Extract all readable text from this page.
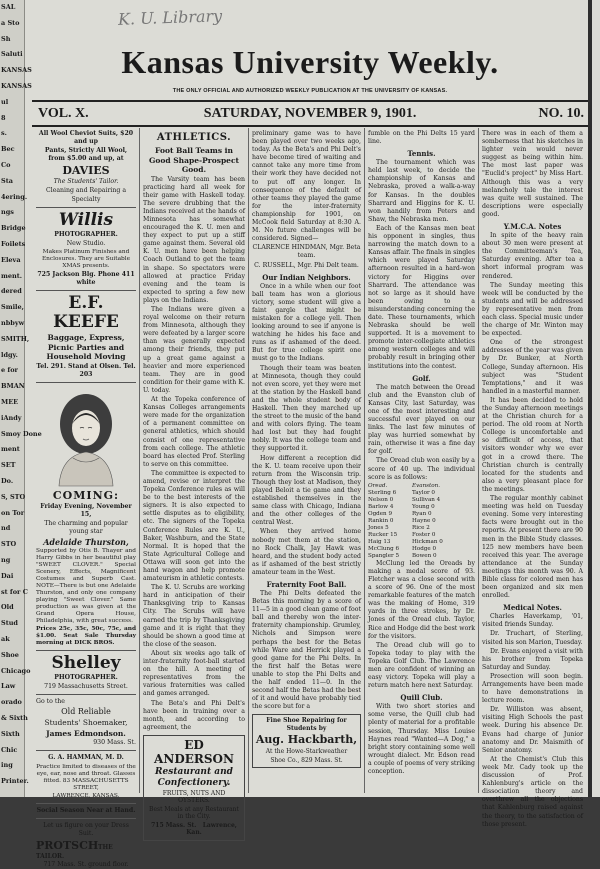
SAL
a Sto
Sh
Saluti
KANSAS
KANSAS
ul
8
s.
Bec
Co
Sta
4ering.
ngs
Bridge
Foilets
Eleva
ment.
dered
Smile,
nbbyw
SMITH,
ldgy.
e for
BMAN
MEE
iAndy
Smoy Done
ment
SET
Do.
S, STO
on Tor
nd
STO
ng
Dai
st for C
Old
Stud
ak
Shoe
Chicago
Law
orado
& Sixth
Sixth
Chic
ing
Printer.
K. U. Library
Kansas University Weekly.
THE ONLY OFFICIAL AND AUTHORIZED WEEKLY PUBLICATION AT THE UNIVERSITY OF KANSAS.
VOL. X.	SATURDAY, NOVEMBER 9, 1901.	NO. 10.

All Wool Cheviot Suits, $20 and up

Pants, Strictly All Wool, from $5.00 and up, at

DAVIES

The Students' Tailor.

Cleaning and Repairing a Specialty

Willis

PHOTOGRAPHER.

New Studio.

Makes Platinum Finishes and Enclosures. They are Suitable XMAS presents.

725 Jackson Blg. Phone 411 white

E.F. KEEFE

Baggage, Express, Picnic Parties and Household Moving

Tel. 291. Stand at Olsen. Tel. 203

COMING:

Friday Evening, November 15,

The charming and popular young star

Adelaide Thurston,

Supported by Otis B. Thayer and Harry Gibbs in her beautiful play "SWEET CLOVER." Special Scenery, Effects, Magnificent Costumes and Superb Cast. NOTE—There is but one Adelaide Thurston, and only one company playing "Sweet Clover." Same production as was given at the Grand Opera House, Philadelphia, with great success.

Prices 25c, 35c, 50c, 75c, and $1.00. Seat Sale Thursday morning at DICK BROS.

Shelley

PHOTOGRAPHER.

719 Massachusetts Street.

Go to the

Old Reliable

Students' Shoemaker,

James Edmondson.

930 Mass. St.

G. A. HAMMAN, M. D.

Practice limited to diseases of the eye, ear, nose and throat. Glasses fitted. 83 MASSACHUSETTS STREET,

LAWRENCE, KANSAS.

Social Season Near at Hand.

Let us figure on your Dress Suit.

PROTSCH

THE TAILOR.

717 Mass. St. ground floor.

ATHLETICS.
Foot Ball Teams in Good Shape-Prospect Good.

The Varsity team has been practicing hard all week for their game with Haskell today. The severe drubbing that the Indians received at the hands of Minnesota has somewhat encouraged the K. U. men and they expect to put up a stiff game against them. Several old K. U. men have been helping Coach Outland to get the team in shape. So spectators were allowed at practice Friday evening and the team is expected to spring a few new plays on the Indians.

The Indians were given a royal welcome on their return from Minnesota, although they were defeated by a larger score than was generally expected among their friends, they put up a great game against a heavier and more experienced team. They are in good condition for their game with K. U. today.

At the Topeka conference of Kansas Colleges arrangements were made for the organization of a permanent committee on general athletics, which should consist of one representative from each college. The athletic board has elected Prof. Sterling to serve on this committee.

The committee is expected to amend, revise or interpret the Topeka Conference rules as will be to the best interests of the signers. It is also expected to settle disputes as to eligibility, etc. The signers of the Topeka Conference Rules are K. U., Baker, Washburn, and the State Normal. It is hoped that the State Agricultural College and Ottawa will soon get into the hand wagon and help promote amateurism in athletic contests.

The K. U. Scrubs are working hard in anticipation of their Thanksgiving trip to Kansas City. The Scrubs will have earned the trip by Thanksgiving game and it is right that they should be shown a good time at the close of the season.

About six weeks ago talk of inter-fraternity foot-ball started on the hill. A meeting of representatives from the various fraternities was called and games arranged.

The Beta's and Phi Delt's have been in training over a month, and according to agreement, the

ED ANDERSON

Restaurant and Confectionery.

FRUITS, NUTS AND OYSTERS.

Best Meals at any Restaurant in the City.

715 Mass. St. Lawrence, Kan.

preliminary game was to have been played over two weeks ago, today. As the Beta's and Phi Delt's have become tired of waiting and cannot take any more time from their work they have decided not to put off any longer. In consequence of the default of other teams they played the game for the inter-fraternity championship for 1901, on McCook field Saturday at 8:30 A. M. No future challenges will be considered. Signed—

CLARENCE HINDMAN, Mgr. Beta team.

C. RUSSELL, Mgr. Phi Delt team.

Our Indian Neighbors.

Once in a while when our foot ball team has won a glorious victory, some student will give a faint gargle that might be mistaken for a college yell. Then looking around to see if anyone is watching he hides his face and runs as if ashamed of the deed. But for true college spirit one must go to the Indians.

Though their team was beaten at Minnesota, though they could not even score, yet they were met at the station by the Haskell band and the whole student body of Haskell. Then they marched up the street to the music of the band and with colors flying. The team had lost but they had fought nobly. It was the college team and they supported it.

How different a reception did the K. U. team receive upon their return from the Wisconsin trip. Though they lost at Madison, they played Beloit a tie game and they established themselves in the same class with Chicago, Indiana and the other colleges of the central West.

When they arrived home nobody met them at the station, no Rock Chalk, Jay Hawk was heard, and the student body acted as if ashamed of the best strictly amateur team in the West.

Fraternity Foot Ball.

The Phi Delts defeated the Betas this morning by a score of 11—5 in a good clean game of foot ball and thereby won the inter-fraternity championship. Grumley, Nichols and Simpson were perhaps the best for the Betas while Ware and Herrick played a good game for the Phi Delts. In the first half the Betas were unable to stop the Phi Delts and the half ended 11—0. In the second half the Betas had the best of it and would have probably tied the score but for a

Fine Shoe Repairing for Students by

Aug. Hackbarth,

At the Howe-Starkweather

Shoe Co., 829 Mass. St.

fumble on the Phi Delts 15 yard line.

Tennis.

The tournament which was held last week, to decide the championship of Kansas and Nebraska, proved a walk-a-way for Kansas. In the doubles Sharrard and Higgins for K. U. won handily from Peters and Shaw, the Nebraska men.

Each of the Kansas men beat his opponent in singles, thus narrowing the match down to a Kansas affair. The finals in singles which were played Saturday afternoon resulted in a hard-won victory for Higgins over Sharrard. The attendance was not so large as it should have been owing to a misunderstanding concerning the date. These tournaments, which Nebraska should be well supported. It is a movement to promote inter-collegiate athletics among western colleges and will probably result in bringing other institutions into the contest.

Golf.

The match between the Oread club and the Evanston club of Kansas City, last Saturday, was one of the most interesting and successful ever played on our links. The last few minutes of play was hurried somewhat by rain, otherwise it was a fine day for golf.

The Oread club won easily by a score of 40 up. The individual score is as follows:

Oread.	Evanston.
Sterling 6	Taylor 0
Nelson 0	Sullivan 4
Barlow 4	Young 0
Ogden 9	Ryan 0
Rankin 0	Hayne 0
Jones 5	Rice 2
Rucker 15	Foster 0
Haig 13	Hickman 0
McClung 6 Hodge 0
Spangler 5 Bowen 0

McClung led the Oreads by making a medal score of 93. Fletcher was a close second with a score of 96. One of the most remarkable features of the match was the making of Home, 319 yards in three strokes, by Dr. Jones of the Oread club. Taylor, Rice and Hodge did the best work for the visitors.

The Oread club will go to Topeka today to play with the Topeka Golf Club. The Lawrence men are confident of winning an easy victory. Topeka will play a return match here next Saturday.

Quill Club.

With two short stories and some verse, the Quill club had plenty of material for a profitable session, Thursday. Miss Louise Haynes read "Wanted—A Dog," a bright story containing some well wrought dialect. Mr. Edson read a couple of poems of very striking conception.

There was in each of them a somberness that his sketches in lighter vein would never suggest as being within him. The most last paper was "Euclid's project" by Miss Hart. Although this was a very melancholy tale the interest was quite well sustained. The descriptions were especially good.

Y.M.C.A. Notes

In spite of the heavy rain about 30 men were present at the Committeeman's Tea, Saturday evening. After tea a short informal program was rendered.

The Sunday meeting this week will be conducted by the students and will be addressed by representative men from each class. Special music under the charge of Mr. Winton may be expected.

One of the strongest addresses of the year was given by Dr. Bunker, at North College, Sunday afternoon. His subject was "Student Temptations," and it was handled in a masterful manner.

It has been decided to hold the Sunday afternoon meetings at the Christian church for a period. The old room at North College is uncomfortable and so difficult of access, that visitors wonder why we ever got in a crowd there. The Christian church is centrally located for the students and also a very pleasant place for the meetings.

The regular monthly cabinet meeting was held on Tuesday evening. Some very interesting facts were brought out in the reports. At present there are 90 men in the Bible Study classes. 125 new members have been received this year. The average attendance at the Sunday meetings this month was 90. A Bible class for colored men has been organized and six men enrolled.

Medical Notes.

Charles Haverkamp, '01, visited friends Sunday.

Dr. Truchart, of Sterling, visited his son Marion, Tuesday.

Dr. Evans enjoyed a visit with his brother from Topeka Saturday and Sunday.

Prosection will soon begin. Arrangements have been made to have demonstrations in lecture room.

Dr. Williston was absent, visiting High Schools the past week. During his absence Dr. Evans had charge of Junior anatomy and Dr. Maismith of Senior anatomy.

At the Chemist's Club this week Mr. Cady took up the discussion of Prof. Kahlenburg's article on the dissociation theory and overthrew all the objections that Kahlenburg raised against the theory, to the satisfaction of those present.
